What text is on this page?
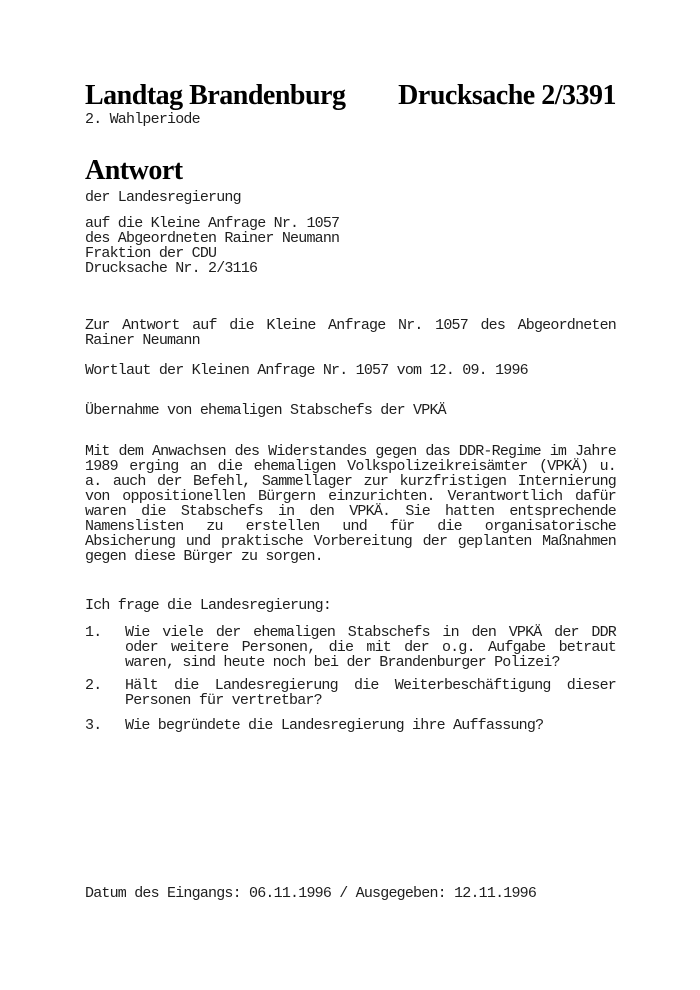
Landtag Brandenburg Drucksache 2/3391
2. Wahlperiode
Antwort
der Landesregierung
auf die Kleine Anfrage Nr. 1057
des Abgeordneten Rainer Neumann
Fraktion der CDU
Drucksache Nr. 2/3116
Zur Antwort auf die Kleine Anfrage Nr. 1057 des Abgeordneten
Rainer Neumann
Wortlaut der Kleinen Anfrage Nr. 1057 vom 12. 09. 1996
Übernahme von ehemaligen Stabschefs der VPKÄ
Mit dem Anwachsen des Widerstandes gegen das DDR-Regime im Jahre
1989 erging an die ehemaligen Volkspolizeikreisämter (VPKÄ) u.
a. auch der Befehl, Sammellager zur kurzfristigen Internierung
von oppositionellen Bürgern einzurichten. Verantwortlich dafür
waren die Stabschefs in den VPKÄ. Sie hatten entsprechende
Namenslisten zu erstellen und für die organisatorische
Absicherung und praktische Vorbereitung der geplanten Maßnahmen
gegen diese Bürger zu sorgen.
Ich frage die Landesregierung:
1.	Wie viele der ehemaligen Stabschefs in den VPKÄ der DDR
oder weitere Personen, die mit der o.g. Aufgabe betraut
waren, sind heute noch bei der Brandenburger Polizei?
2.	Hält die Landesregierung die Weiterbeschäftigung dieser
Personen für vertretbar?
3.	Wie begründete die Landesregierung ihre Auffassung?
Datum des Eingangs: 06.11.1996 / Ausgegeben: 12.11.1996
